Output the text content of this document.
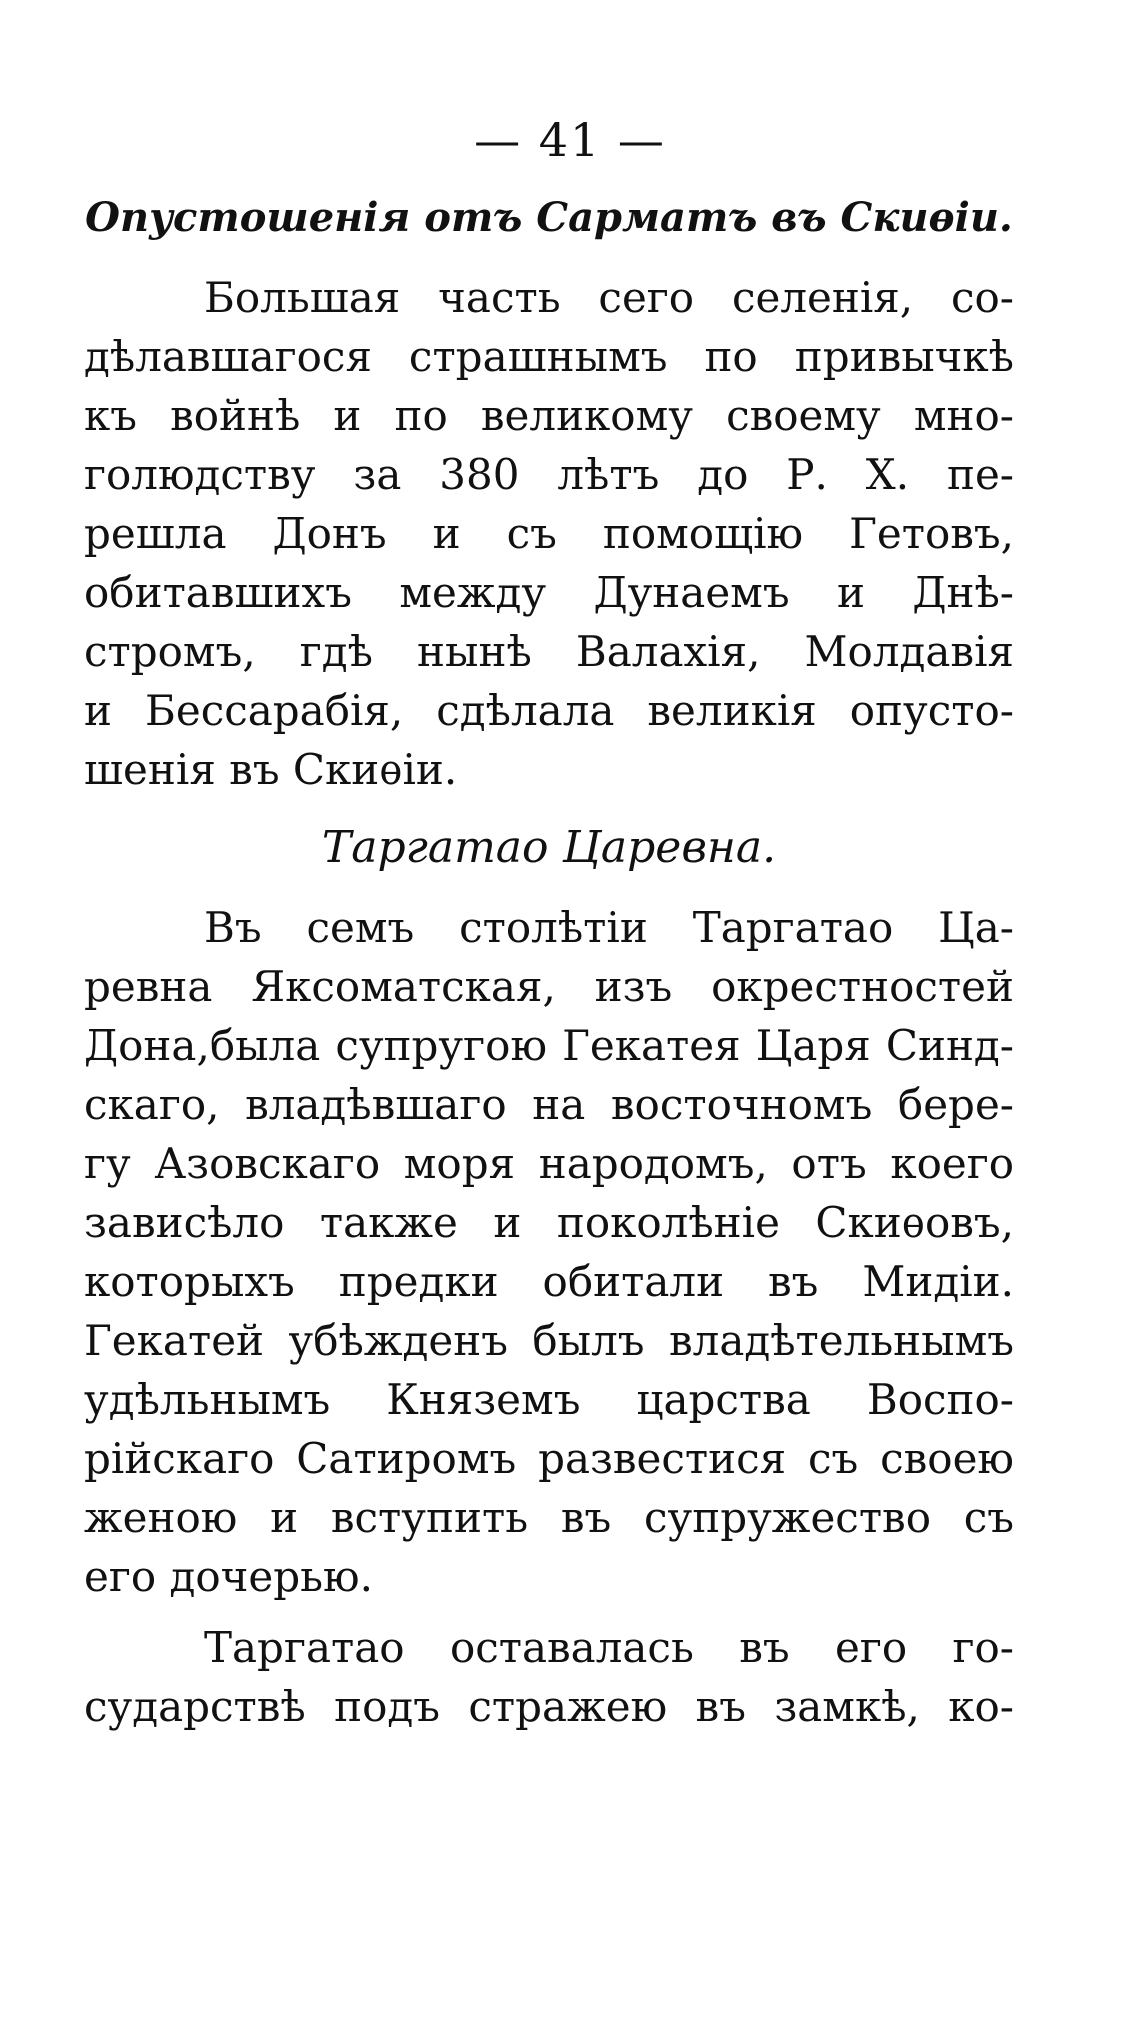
— 41 —
Опустошенія отъ Сарматъ въ Скиѳіи.
Большая часть сего селенія, со-
дѣлавшагося страшнымъ по привычкѣ
къ войнѣ и по великому своему мно-
голюдству за 380 лѣтъ до Р. Х. пе-
решла Донъ и съ помощію Гетовъ,
обитавшихъ между Дунаемъ и Днѣ-
стромъ, гдѣ нынѣ Валахія, Молдавія
и Бессарабія, сдѣлала великія опусто-
шенія въ Скиѳіи.
Таргатао Царевна.
Въ семъ столѣтіи Таргатао Ца-
ревна Яксоматская, изъ окрестностей
Дона,была супругою Гекатея Царя Синд-
скаго, владѣвшаго на восточномъ бере-
гу Азовскаго моря народомъ, отъ коего
зависѣло также и поколѣніе Скиѳовъ,
которыхъ предки обитали въ Мидіи.
Гекатей убѣжденъ былъ владѣтельнымъ
удѣльнымъ Княземъ царства Воспо-
рійскаго Сатиромъ развестися съ своею
женою и вступить въ супружество съ
его дочерью.
Таргатао оставалась въ его го-
сударствѣ подъ стражею въ замкѣ, ко-
